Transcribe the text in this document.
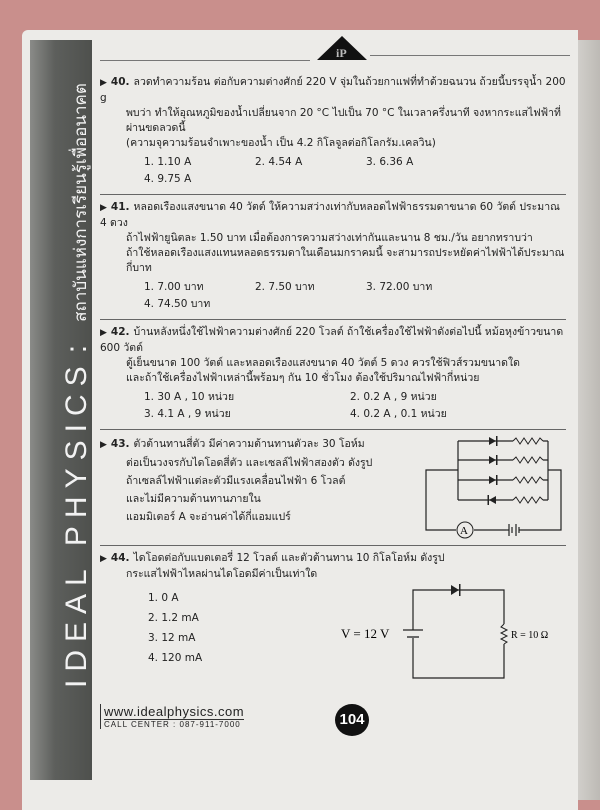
IDEAL PHYSICS : สถาบันแห่งการเรียนรู้เพื่ออนาคต
iP
▶ 40. ลวดทำความร้อน ต่อกับความต่างศักย์ 220 V จุ่มในถ้วยกาแฟที่ทำด้วยฉนวน ถ้วยนี้บรรจุน้ำ 200 g
พบว่า ทำให้อุณหภูมิของน้ำเปลี่ยนจาก 20 °C ไปเป็น 70 °C ในเวลาครึ่งนาที จงหากระแสไฟฟ้าที่ผ่านขดลวดนี้
(ความจุความร้อนจำเพาะของน้ำ เป็น 4.2 กิโลจูลต่อกิโลกรัม.เคลวิน)
1. 1.10 A	2. 4.54 A	3. 6.36 A
4. 9.75 A
▶ 41. หลอดเรืองแสงขนาด 40 วัตต์ ให้ความสว่างเท่ากับหลอดไฟฟ้าธรรมดาขนาด 60 วัตต์ ประมาณ 4 ดวง
ถ้าไฟฟ้ายูนิตละ 1.50 บาท เมื่อต้องการความสว่างเท่ากันและนาน 8 ชม./วัน อยากทราบว่า
ถ้าใช้หลอดเรืองแสงแทนหลอดธรรมดาในเดือนมกราคมนี้ จะสามารถประหยัดค่าไฟฟ้าได้ประมาณกี่บาท
1. 7.00 บาท	2. 7.50 บาท	3. 72.00 บาท
4. 74.50 บาท
▶ 42. บ้านหลังหนึ่งใช้ไฟฟ้าความต่างศักย์ 220 โวลต์ ถ้าใช้เครื่องใช้ไฟฟ้าดังต่อไปนี้ หม้อหุงข้าวขนาด 600 วัตต์
ตู้เย็นขนาด 100 วัตต์ และหลอดเรืองแสงขนาด 40 วัตต์ 5 ดวง ควรใช้ฟิวส์รวมขนาดใด
และถ้าใช้เครื่องไฟฟ้าเหล่านี้พร้อมๆ กัน 10 ชั่วโมง ต้องใช้ปริมาณไฟฟ้ากี่หน่วย
1. 30 A , 10 หน่วย	2. 0.2 A , 9 หน่วย
3. 4.1 A , 9 หน่วย	4. 0.2 A , 0.1 หน่วย
▶ 43. ตัวต้านทานสี่ตัว มีค่าความต้านทานตัวละ 30 โอห์ม
ต่อเป็นวงจรกับไดโอดสี่ตัว และเซลล์ไฟฟ้าสองตัว ดังรูป
ถ้าเซลล์ไฟฟ้าแต่ละตัวมีแรงเคลื่อนไฟฟ้า 6 โวลต์
และไม่มีความต้านทานภายใน
แอมมิเตอร์ A จะอ่านค่าได้กี่แอมแปร์
A
▶ 44. ไดโอดต่อกับแบตเตอรี่ 12 โวลต์ และตัวต้านทาน 10 กิโลโอห์ม ดังรูป
กระแสไฟฟ้าไหลผ่านไดโอดมีค่าเป็นเท่าใด
1. 0 A
2. 1.2 mA
3. 12 mA
4. 120 mA
V = 12 V	R = 10 Ω
www.idealphysics.com
CALL CENTER : 087-911-7000	104
